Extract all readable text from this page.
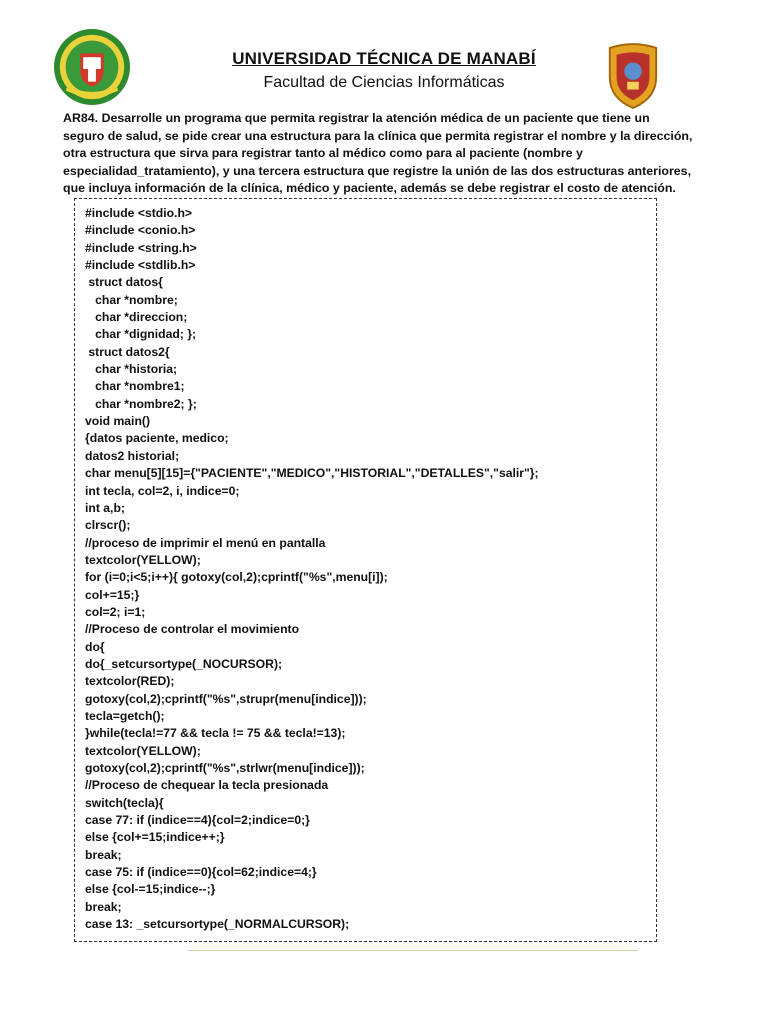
UNIVERSIDAD TÉCNICA DE MANABÍ
Facultad de Ciencias Informáticas

AR84. Desarrolle un programa que permita registrar la atención médica de un paciente que tiene un seguro de salud, se pide crear una estructura para la clínica que permita registrar el nombre y la dirección, otra estructura que sirva para registrar tanto al médico como para al paciente (nombre y especialidad_tratamiento), y una tercera estructura que registre la unión de las dos estructuras anteriores, que incluya información de la clínica, médico y paciente, además se debe registrar el costo de atención.

#include <stdio.h>
#include <conio.h>
#include <string.h>
#include <stdlib.h>
struct datos{
char *nombre;
char *direccion;
char *dignidad; };
struct datos2{
char *historia;
char *nombre1;
char *nombre2; };
void main()
{datos paciente, medico;
datos2 historial;
char menu[5][15]={"PACIENTE","MEDICO","HISTORIAL","DETALLES","salir"};
int tecla, col=2, i, indice=0;
int a,b;
clrscr();
//proceso de imprimir el menú en pantalla
textcolor(YELLOW);
for (i=0;i<5;i++){ gotoxy(col,2);cprintf("%s",menu[i]);
col+=15;}
col=2; i=1;
//Proceso de controlar el movimiento
do{
do{_setcursortype(_NOCURSOR);
textcolor(RED);
gotoxy(col,2);cprintf("%s",strupr(menu[indice]));
tecla=getch();
}while(tecla!=77 && tecla != 75 && tecla!=13);
textcolor(YELLOW);
gotoxy(col,2);cprintf("%s",strlwr(menu[indice]));
//Proceso de chequear la tecla presionada
switch(tecla){
case 77: if (indice==4){col=2;indice=0;}
else {col+=15;indice++;}
break;
case 75: if (indice==0){col=62;indice=4;}
else {col-=15;indice--;}
break;
case 13: _setcursortype(_NORMALCURSOR);
